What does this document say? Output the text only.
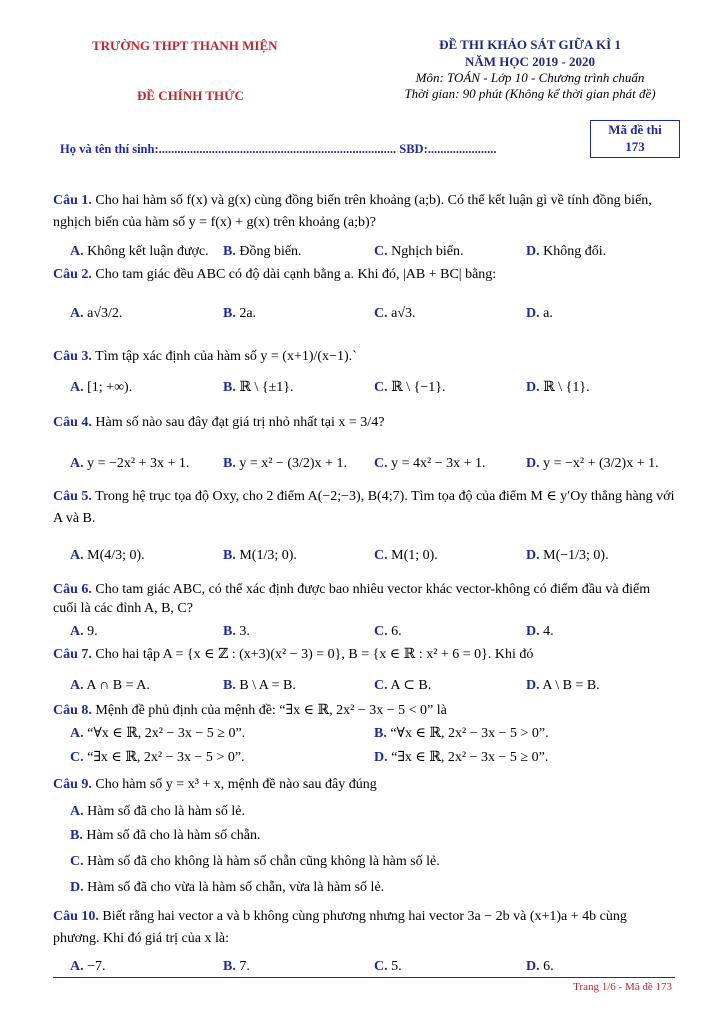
TRƯỜNG THPT THANH MIỆN
ĐỀ CHÍNH THỨC
ĐỀ THI KHẢO SÁT GIỮA KÌ 1
NĂM HỌC 2019 - 2020
Môn: TOÁN - Lớp 10 - Chương trình chuẩn
Thời gian: 90 phút (Không kể thời gian phát đề)
Mã đề thi
173
Họ và tên thí sinh:............................................................................ SBD:......................
Câu 1. Cho hai hàm số f(x) và g(x) cùng đồng biến trên khoảng (a;b). Có thể kết luận gì về tính đồng biến, nghịch biến của hàm số y = f(x) + g(x) trên khoảng (a;b)?
A. Không kết luận được. B. Đồng biến.	C. Nghịch biến.	D. Không đổi.
Câu 2. Cho tam giác đều ABC có độ dài cạnh bằng a. Khi đó, |AB + BC| bằng:
A. a√3/2.	B. 2a.	C. a√3.	D. a.
Câu 3. Tìm tập xác định của hàm số y = (x+1)/(x−1).`
A. [1; +∞).	B. ℝ \ {±1}.	C. ℝ \ {−1}.	D. ℝ \ {1}.
Câu 4. Hàm số nào sau đây đạt giá trị nhỏ nhất tại x = 3/4?
A. y = −2x² + 3x + 1. B. y = x² − (3/2)x + 1. C. y = 4x² − 3x + 1.	D. y = −x² + (3/2)x + 1.
Câu 5. Trong hệ trục tọa độ Oxy, cho 2 điểm A(−2;−3), B(4;7). Tìm tọa độ của điểm M ∈ y′Oy thẳng hàng với A và B.
A. M(4/3; 0).	B. M(1/3; 0).	C. M(1; 0).	D. M(−1/3; 0).
Câu 6. Cho tam giác ABC, có thể xác định được bao nhiêu vector khác vector-không có điểm đầu và điểm cuối là các đỉnh A, B, C?
A. 9.	B. 3.	C. 6.	D. 4.
Câu 7. Cho hai tập A = {x ∈ ℤ : (x+3)(x² − 3) = 0}, B = {x ∈ ℝ : x² + 6 = 0}. Khi đó
A. A ∩ B = A.	B. B \ A = B.	C. A ⊂ B.	D. A \ B = B.
Câu 8. Mệnh đề phủ định của mệnh đề: “∃x ∈ ℝ, 2x² − 3x − 5 < 0” là
A. “∀x ∈ ℝ, 2x² − 3x − 5 ≥ 0”.	B. “∀x ∈ ℝ, 2x² − 3x − 5 > 0”.
C. “∃x ∈ ℝ, 2x² − 3x − 5 > 0”.	D. “∃x ∈ ℝ, 2x² − 3x − 5 ≥ 0”.
Câu 9. Cho hàm số y = x³ + x, mệnh đề nào sau đây đúng
A. Hàm số đã cho là hàm số lẻ.
B. Hàm số đã cho là hàm số chẵn.
C. Hàm số đã cho không là hàm số chẵn cũng không là hàm số lẻ.
D. Hàm số đã cho vừa là hàm số chẵn, vừa là hàm số lẻ.
Câu 10. Biết rằng hai vector a và b không cùng phương nhưng hai vector 3a − 2b và (x+1)a + 4b cùng phương. Khi đó giá trị của x là:
A. −7.	B. 7.	C. 5.	D. 6.
Trang 1/6 - Mã đề 173
